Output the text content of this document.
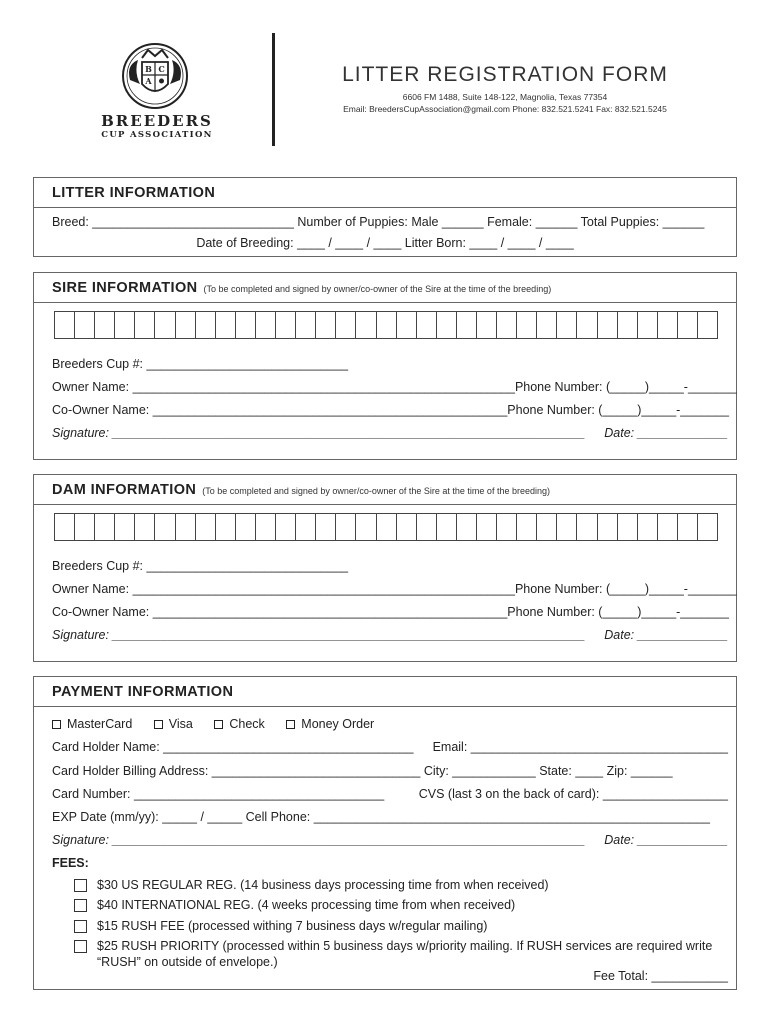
B C
A
BREEDERS
CUP ASSOCIATION
LITTER REGISTRATION FORM
6606 FM 1488, Suite 148-122, Magnolia, Texas 77354
Email: BreedersCupAssociation@gmail.com Phone: 832.521.5241 Fax: 832.521.5245
LITTER INFORMATION
Breed: _____________________________ Number of Puppies: Male ______ Female: ______ Total Puppies: ______
Date of Breeding: ____ / ____ / ____ Litter Born: ____ / ____ / ____
SIRE INFORMATION (To be completed and signed by owner/co-owner of the Sire at the time of the breeding)
Breeders Cup #: _____________________________
Owner Name: _______________________________________________________ Phone Number: (_____)_____-_______
Co-Owner Name: ___________________________________________________ Phone Number: (_____)_____-_______
Signature: ____________________________________________________________________ Date: _____________
DAM INFORMATION (To be completed and signed by owner/co-owner of the Sire at the time of the breeding)
Breeders Cup #: _____________________________
Owner Name: _______________________________________________________ Phone Number: (_____)_____-_______
Co-Owner Name: ___________________________________________________ Phone Number: (_____)_____-_______
Signature: ____________________________________________________________________ Date: _____________
PAYMENT INFORMATION
MasterCard	Visa	Check	Money Order
Card Holder Name: ____________________________________ Email: _____________________________________
Card Holder Billing Address: ______________________________ City: ____________ State: ____ Zip: ______
Card Number: ____________________________________	CVS (last 3 on the back of card): __________________
EXP Date (mm/yy): _____ / _____ Cell Phone: _________________________________________________________
Signature: ____________________________________________________________________ Date: _____________
FEES:
$30 US REGULAR REG. (14 business days processing time from when received)
$40 INTERNATIONAL REG. (4 weeks processing time from when received)
$15 RUSH FEE (processed withing 7 business days w/regular mailing)
$25 RUSH PRIORITY (processed within 5 business days w/priority mailing. If RUSH services are required write “RUSH” on outside of envelope.)
Fee Total: ___________
